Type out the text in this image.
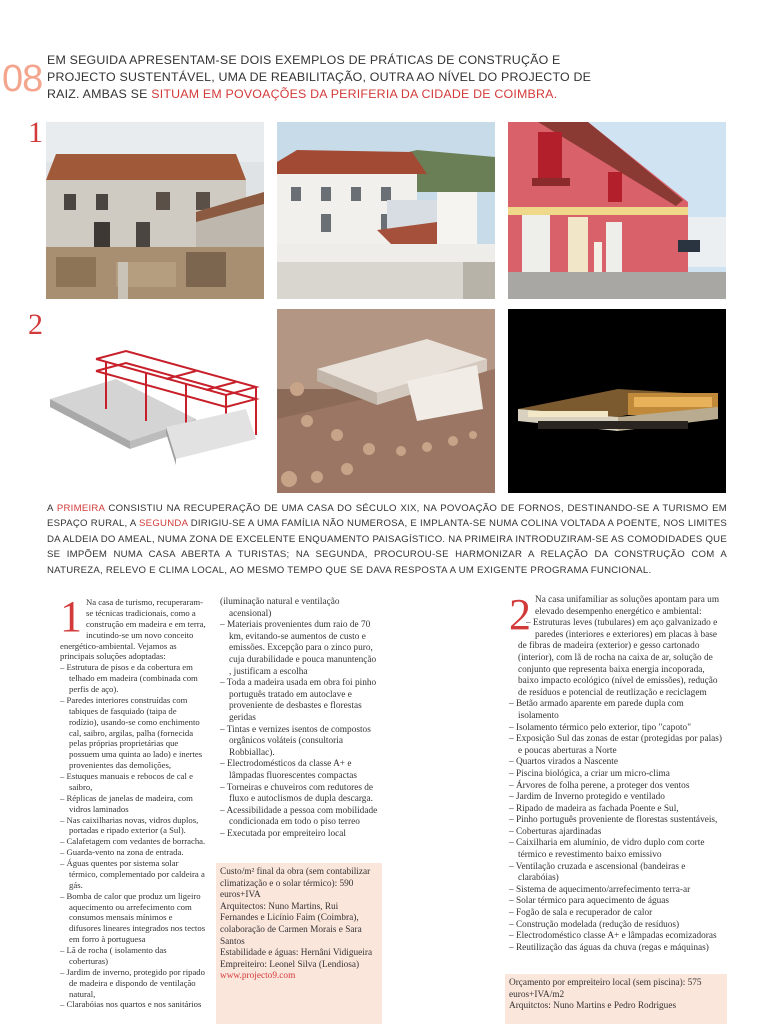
08 EM SEGUIDA APRESENTAM-SE DOIS EXEMPLOS DE PRÁTICAS DE CONSTRUÇÃO E PROJECTO SUSTENTÁVEL, UMA DE REABILITAÇÃO, OUTRA AO NÍVEL DO PROJECTO DE RAIZ. AMBAS SE SITUAM EM POVOAÇÕES DA PERIFERIA DA CIDADE DE COIMBRA.
1
2
A PRIMEIRA CONSISTIU NA RECUPERAÇÃO DE UMA CASA DO SÉCULO XIX, NA POVOAÇÃO DE FORNOS, DESTINANDO-SE A TURISMO EM ESPAÇO RURAL, A SEGUNDA DIRIGIU-SE A UMA FAMÍLIA NÃO NUMEROSA, E IMPLANTA-SE NUMA COLINA VOLTADA A POENTE, NOS LIMITES DA ALDEIA DO AMEAL, NUMA ZONA DE EXCELENTE ENQUAMENTO PAISAGÍSTICO. NA PRIMEIRA INTRODUZIRAM-SE AS COMODIDADES QUE SE IMPÕEM NUMA CASA ABERTA A TURISTAS; NA SEGUNDA, PROCUROU-SE HARMONIZAR A RELAÇÃO DA CONSTRUÇÃO COM A NATUREZA, RELEVO E CLIMA LOCAL, AO MESMO TEMPO QUE SE DAVA RESPOSTA A UM EXIGENTE PROGRAMA FUNCIONAL.

1 Na casa de turismo, recuperaram-se técnicas tradicionais, como a construção em madeira e em terra, incutindo-se um novo conceito energético-ambiental. Vejamos as principais soluções adoptadas:

– Estrutura de pisos e da cobertura em telhado em madeira (combinada com perfis de aço).

– Paredes interiores construídas com tabiques de fasquiado (taipa de rodízio), usando-se como enchimento cal, saibro, argilas, palha (fornecida pelas próprias proprietárias que possuem uma quinta ao lado) e inertes provenientes das demolições,

– Estuques manuais e rebocos de cal e saibro,

– Réplicas de janelas de madeira, com vidros laminados

– Nas caixilharias novas, vidros duplos, portadas e ripado exterior (a Sul).

– Calafetagem com vedantes de borracha.

– Guarda-vento na zona de entrada.

– Águas quentes por sistema solar térmico, complementado por caldeira a gás.

– Bomba de calor que produz um ligeiro aquecimento ou arrefecimento com consumos mensais mínimos e difusores lineares integrados nos tectos em forro à portuguesa

– Lã de rocha ( isolamento das coberturas)

– Jardim de inverno, protegido por ripado de madeira e dispondo de ventilação natural,

– Clarabóias nos quartos e nos sanitários

(iluminação natural e ventilação acensional)

– Materiais provenientes dum raio de 70 km, evitando-se aumentos de custo e emissões. Excepção para o zinco puro, cuja durabilidade e pouca manuntenção , justificam a escolha

– Toda a madeira usada em obra foi pinho português tratado em autoclave e proveniente de desbastes e florestas geridas

– Tintas e vernizes isentos de compostos orgânicos voláteis (consultoria Robbiallac).

– Electrodomésticos da classe A+ e lâmpadas fluorescentes compactas

– Torneiras e chuveiros com redutores de fluxo e autoclismos de dupla descarga.

– Acessibilidade a pessoa com mobilidade condicionada em todo o piso terreo

– Executada por empreiteiro local

Custo/m² final da obra (sem contabilizar climatização e o solar térmico): 590 euros+IVA

Arquitectos: Nuno Martins, Rui Fernandes e Licínio Faim (Coimbra), colaboração de Carmen Morais e Sara Santos

Estabilidade e águas: Hernâni Vidigueira

Empreiteiro: Leonel Silva (Lendiosa)

www.projecto9.com

2 Na casa unifamiliar as soluções apontam para um elevado desempenho energético e ambiental:

– Estruturas leves (tubulares) em aço galvanizado e paredes (interiores e exteriores) em placas à base de fibras de madeira (exterior) e gesso cartonado (interior), com lã de rocha na caixa de ar, solução de conjunto que representa baixa energia incoporada, baixo impacto ecológico (nível de emissões), redução de resíduos e potencial de reutlização e reciclagem

– Betão armado aparente em parede dupla com isolamento

– Isolamento térmico pelo exterior, tipo "capoto"

– Exposição Sul das zonas de estar (protegidas por palas) e poucas aberturas a Norte

– Quartos virados a Nascente

– Piscina biológica, a criar um micro-clima

– Árvores de folha perene, a proteger dos ventos

– Jardim de Inverno protegido e ventilado

– Ripado de madeira as fachada Poente e Sul,

– Pinho português proveniente de florestas sustentáveis,

– Coberturas ajardinadas

– Caixilharia em alumínio, de vidro duplo com corte térmico e revestimento baixo emissivo

– Ventilação cruzada e ascensional (bandeiras e clarabóias)

– Sistema de aquecimento/arrefecimento terra-ar

– Solar térmico para aquecimento de águas

– Fogão de sala e recuperador de calor

– Construção modelada (redução de resíduos)

– Electrodoméstico classe A+ e lâmpadas ecomizadoras

– Reutilização das águas da chuva (regas e máquinas)

Orçamento por empreiteiro local (sem piscina): 575 euros+IVA/m2

Arquitctos: Nuno Martins e Pedro Rodrigues
